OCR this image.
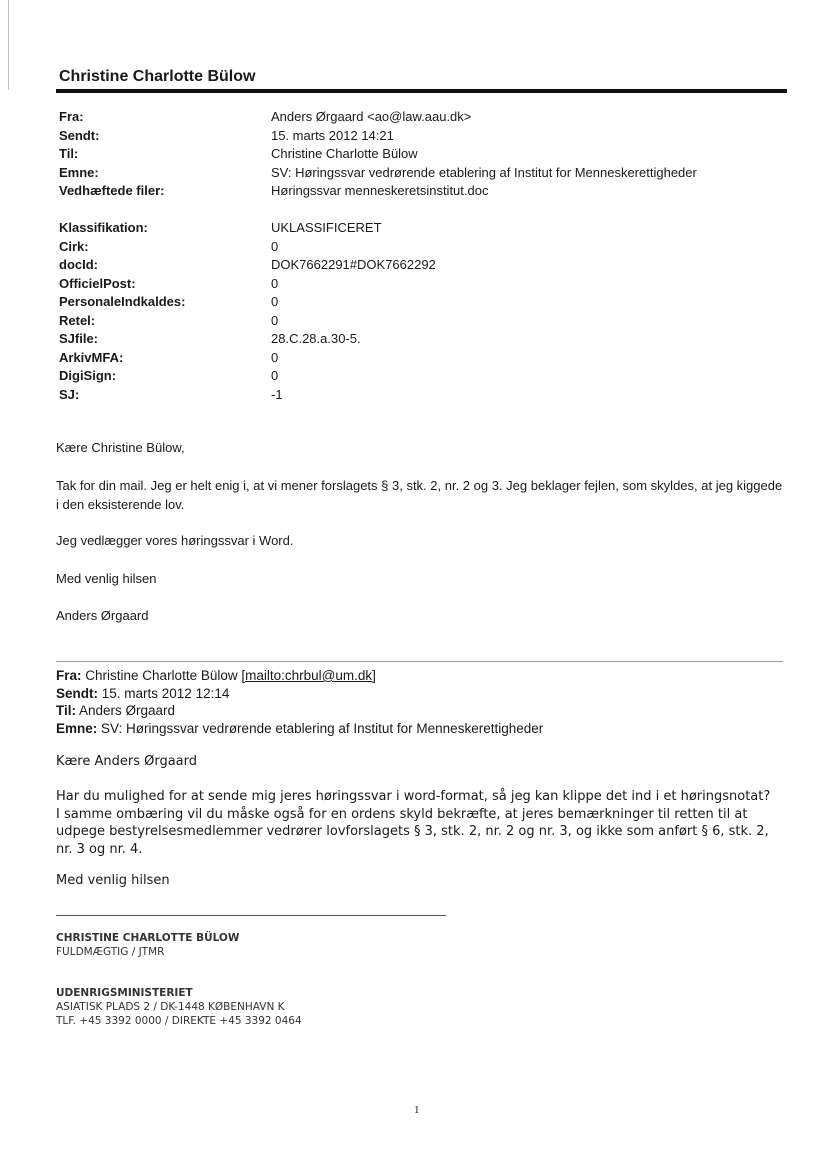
Christine Charlotte Bülow
Fra:	Anders Ørgaard <ao@law.aau.dk>
Sendt:	15. marts 2012 14:21
Til:	Christine Charlotte Bülow
Emne:	SV: Høringssvar vedrørende etablering af Institut for Menneskerettigheder
Vedhæftede filer:	Høringssvar menneskeretsinstitut.doc
Klassifikation:	UKLASSIFICERET
Cirk:	0
docId:	DOK7662291#DOK7662292
OfficielPost:	0
PersonaleIndkaldes:	0
Retel:	0
SJfile:	28.C.28.a.30-5.
ArkivMFA:	0
DigiSign:	0
SJ:	-1

Kære Christine Bülow,

Tak for din mail. Jeg er helt enig i, at vi mener forslagets § 3, stk. 2, nr. 2 og 3. Jeg beklager fejlen, som skyldes, at jeg kiggede i den eksisterende lov.

Jeg vedlægger vores høringssvar i Word.

Med venlig hilsen

Anders Ørgaard

Fra: Christine Charlotte Bülow [mailto:chrbul@um.dk]
Sendt: 15. marts 2012 12:14
Til: Anders Ørgaard
Emne: SV: Høringssvar vedrørende etablering af Institut for Menneskerettigheder

Kære Anders Ørgaard

Har du mulighed for at sende mig jeres høringssvar i word-format, så jeg kan klippe det ind i et høringsnotat? I samme ombæring vil du måske også for en ordens skyld bekræfte, at jeres bemærkninger til retten til at udpege bestyrelsesmedlemmer vedrører lovforslagets § 3, stk. 2, nr. 2 og nr. 3, og ikke som anført § 6, stk. 2, nr. 3 og nr. 4.

Med venlig hilsen

CHRISTINE CHARLOTTE BÜLOW
FULDMÆGTIG / JTMR
UDENRIGSMINISTERIET
ASIATISK PLADS 2 / DK-1448 KØBENHAVN K
TLF. +45 3392 0000 / DIREKTE +45 3392 0464
1
